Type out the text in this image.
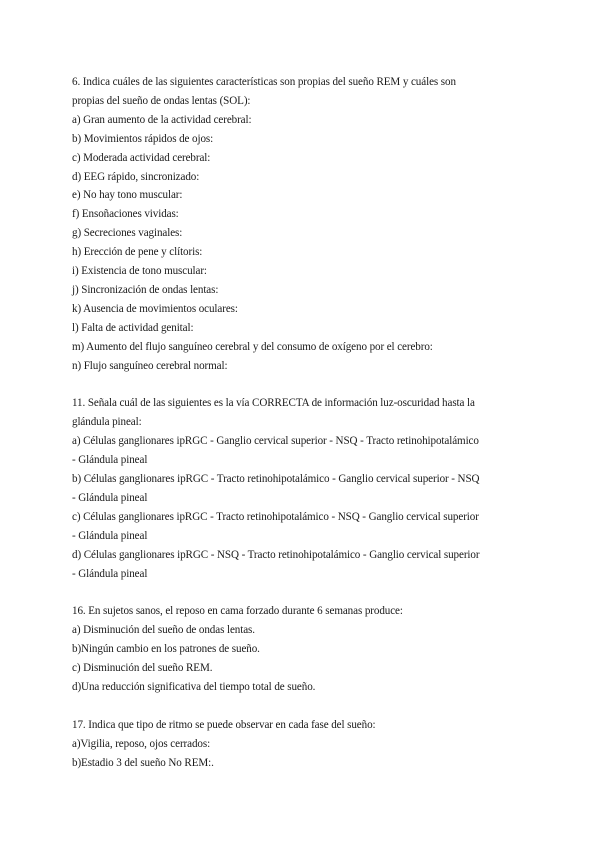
6. Indica cuáles de las siguientes características son propias del sueño REM y cuáles son
propias del sueño de ondas lentas (SOL):
a) Gran aumento de la actividad cerebral:
b) Movimientos rápidos de ojos:
c) Moderada actividad cerebral:
d) EEG rápido, sincronizado:
e) No hay tono muscular:
f) Ensoñaciones vividas:
g) Secreciones vaginales:
h) Erección de pene y clítoris:
i) Existencia de tono muscular:
j) Sincronización de ondas lentas:
k) Ausencia de movimientos oculares:
l) Falta de actividad genital:
m) Aumento del flujo sanguíneo cerebral y del consumo de oxígeno por el cerebro:
n) Flujo sanguíneo cerebral normal:
11. Señala cuál de las siguientes es la vía CORRECTA de información luz-oscuridad hasta la
glándula pineal:
a) Células ganglionares ipRGC - Ganglio cervical superior - NSQ - Tracto retinohipotalámico
- Glándula pineal
b) Células ganglionares ipRGC - Tracto retinohipotalámico - Ganglio cervical superior - NSQ
- Glándula pineal
c) Células ganglionares ipRGC - Tracto retinohipotalámico - NSQ - Ganglio cervical superior
- Glándula pineal
d) Células ganglionares ipRGC - NSQ - Tracto retinohipotalámico - Ganglio cervical superior
- Glándula pineal
16. En sujetos sanos, el reposo en cama forzado durante 6 semanas produce:
a) Disminución del sueño de ondas lentas.
b)Ningún cambio en los patrones de sueño.
c) Disminución del sueño REM.
d)Una reducción significativa del tiempo total de sueño.
17. Indica que tipo de ritmo se puede observar en cada fase del sueño:
a)Vigilia, reposo, ojos cerrados:
b)Estadio 3 del sueño No REM:.
